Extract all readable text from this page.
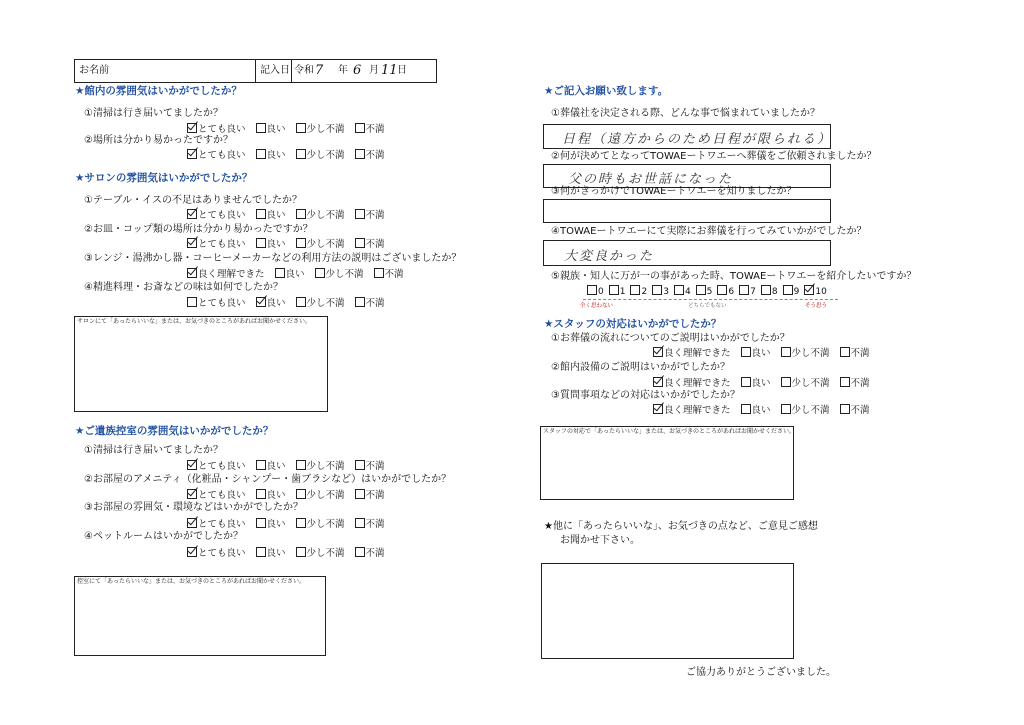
お名前	記入日 令和 7 年 6 月 11 日
★館内の雰囲気はいかがでしたか？
①清掃は行き届いてましたか？
とても良い 良い 少し不満 不満
②場所は分かり易かったですか？
とても良い 良い 少し不満 不満
★サロンの雰囲気はいかがでしたか？
①テーブル・イスの不足はありませんでしたか？
とても良い 良い 少し不満 不満
②お皿・コップ類の場所は分かり易かったですか？
とても良い 良い 少し不満 不満
③レンジ・湯沸かし器・コーヒーメーカーなどの利用方法の説明はございましたか？
良く理解できた 良い 少し不満 不満
④精進料理・お斎などの味は如何でしたか？
とても良い 良い 少し不満 不満
サロンにて「あったらいいな」または、お気づきのところがあればお聞かせください。
★ご遺族控室の雰囲気はいかがでしたか？
①清掃は行き届いてましたか？
とても良い 良い 少し不満 不満
②お部屋のアメニティ（化粧品・シャンプー・歯ブラシなど）はいかがでしたか？
とても良い 良い 少し不満 不満
③お部屋の雰囲気・環境などはいかがでしたか？
とても良い 良い 少し不満 不満
④ペットルームはいかがでしたか？
とても良い 良い 少し不満 不満
控室にて「あったらいいな」または、お気づきのところがあればお聞かせください。
★ご記入お願い致します。
①葬儀社を決定される際、どんな事で悩まれていましたか？
日程（遠方からのため日程が限られる）
②何が決めてとなってTOWAEートワエーへ葬儀をご依頼されましたか？
父の時もお世話になった
③何がきっかけでTOWAEートワエーを知りましたか？
④TOWAEートワエーにて実際にお葬儀を行ってみていかがでしたか？
大変良かった
⑤親族・知人に万が一の事があった時、TOWAEートワエーを紹介したいですか？
0 1 2 3 4 5 6 7 8 9 10
全く思わない	どちらでもない	そう思う
★スタッフの対応はいかがでしたか？
①お葬儀の流れについてのご説明はいかがでしたか？
良く理解できた 良い 少し不満 不満
②館内設備のご説明はいかがでしたか？
良く理解できた 良い 少し不満 不満
③質問事項などの対応はいかがでしたか？
良く理解できた 良い 少し不満 不満
スタッフの対応で「あったらいいな」または、お気づきのところがあればお聞かせください。
★他に「あったらいいな」、お気づきの点など、ご意見ご感想
お聞かせ下さい。
ご協力ありがとうございました。
